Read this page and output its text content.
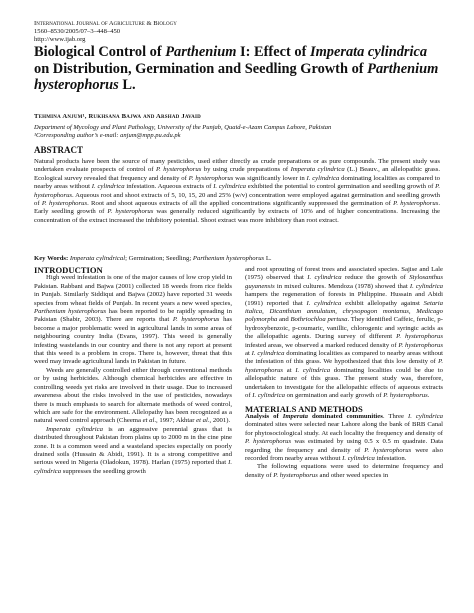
International Journal of Agriculture & Biology
1560–8530/2005/07–3–448–450
http://www.ijab.org
Biological Control of Parthenium I: Effect of Imperata cylindrica on Distribution, Germination and Seedling Growth of Parthenium hysterophorus L.
Tehmina Anjum¹, Rukhsana Bajwa and Arshad Javaid
Department of Mycology and Plant Pathology, University of the Punjab, Quaid-e-Azam Campus Lahore, Pakistan
¹Corresponding author’s e-mail: anjum@mpp.pu.edu.pk
ABSTRACT
Natural products have been the source of many pesticides, used either directly as crude preparations or as pure compounds. The present study was undertaken evaluate prospects of control of P. hysterophorus by using crude preparations of Imperata cylindrica (L.) Beauv., an allelopathic grass. Ecological survey revealed that frequency and density of P. hysterophorus was significantly lower in I. cylindrica dominating localities as compared to nearby areas without I. cylindrica infestation. Aqueous extracts of I. cylindrica exhibited the potential to control germination and seedling growth of P. hysterophorus. Aqueous root and shoot extracts of 5, 10, 15, 20 and 25% (w/v) concentration were employed against germination and seedling growth of P. hysterophorus. Root and shoot aqueous extracts of all the applied concentrations significantly suppressed the germination of P. hysterophorus. Early seedling growth of P. hysterophorus was generally reduced significantly by extracts of 10% and of higher concentrations. Increasing the concentration of the extract increased the inhibitory potential. Shoot extract was more inhibitory than root extract.
Key Words: Imperata cylindrical; Germination; Seedling; Parthenium hysterophorus L.

INTRODUCTION

High weed infestation is one of the major causes of low crop yield in Pakistan. Rabbani and Bajwa (2001) collected 18 weeds from rice fields in Punjab. Similarly Siddiqui and Bajwa (2002) have reported 31 weeds species from wheat fields of Punjab. In recent years a new weed species, Parthenium hysterophorus has been reported to be rapidly spreading in Pakistan (Shabir, 2003). There are reports that P. hysterophorus has become a major problematic weed in agricultural lands in some areas of neighbouring country India (Evans, 1997). This weed is generally infesting wastelands in our country and there is not any report at present that this weed is a problem in crops. There is, however, threat that this weed may invade agricultural lands in Pakistan in future.

Weeds are generally controlled either through conventional methods or by using herbicides. Although chemical herbicides are effective in controlling weeds yet risks are involved in their usage. Due to increased awareness about the risks involved in the use of pesticides, nowadays there is much emphasis to search for alternate methods of weed control, which are safe for the environment. Allelopathy has been recognized as a natural weed control approach (Cheema et al., 1997; Akhtar et al., 2001).

Imperata cylindrica is an aggressive perennial grass that is distributed throughout Pakistan from plains up to 2000 m in the cine pine zone. It is a common weed and a wasteland species especially on poorly drained soils (Hussain & Abidi, 1991). It is a strong competitive and serious weed in Nigeria (Oladokun, 1978). Harlan (1975) reported that I. cylindrica suppresses the seedling growth

and root sprouting of forest trees and associated species. Sajise and Lale (1975) observed that I. cylindrica reduce the growth of Stylosanthus guyanensis in mixed cultures. Mendoza (1978) showed that I. cylindrica hampers the regeneration of forests in Philippine. Hussain and Abidi (1991) reported that I. cylindrica exhibit allelopathy against Setaria italica, Dicanthium annulatum, chrysopogon montanus, Medicago polymorpha and Bothriochloa pertusa. They identified Caffeic, ferulic, p-hydroxybenzoic, p-coumaric, vanillic, chlorogenic and syringic acids as the allelopathic agents. During survey of different P. hysterophorus infested areas, we observed a marked reduced density of P. hysterophorus at I. cylindrica dominating localities as compared to nearby areas without the infestation of this grass. We hypothesized that this low density of P. hysterophorus at I. cylindrica dominating localities could be due to allelopathic nature of this grass. The present study was, therefore, undertaken to investigate for the allelopathic effects of aqueous extracts of I. cylindrica on germination and early growth of P. hysterophorus.

MATERIALS AND METHODS

Analysis of Imperata dominated communities. Three I. cylindrica dominated sites were selected near Lahore along the bank of BRB Canal for phytosociological study. At each locality the frequency and density of P. hysterophorus was estimated by using 0.5 x 0.5 m quadrate. Data regarding the frequency and density of P. hysterophorus were also recorded from nearby areas without I. cylindrica infestation.

The following equations were used to determine frequency and density of P. hysterophorus and other weed species in
